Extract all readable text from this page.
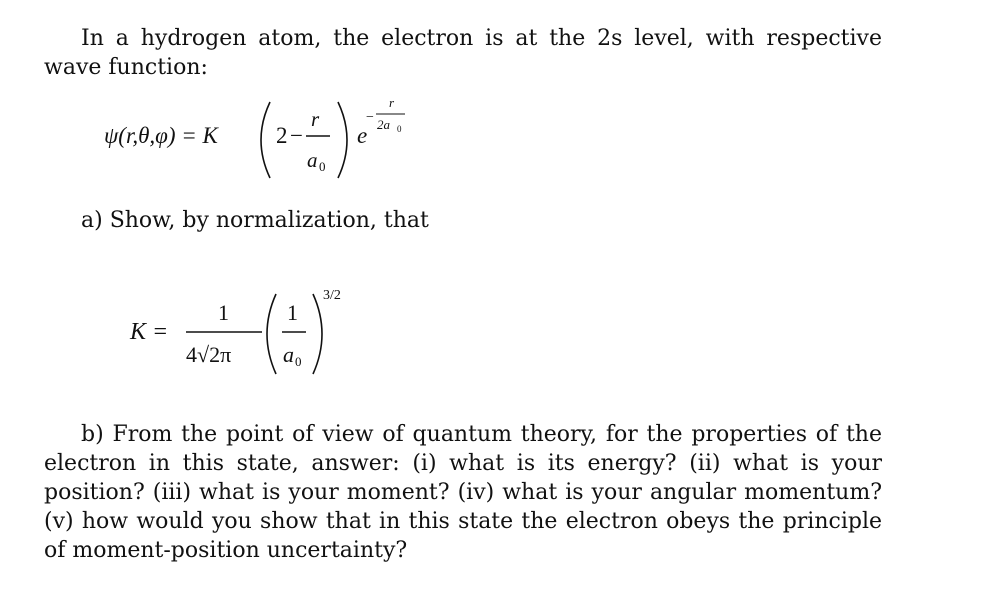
In a hydrogen atom, the electron is at the 2s level, with respective wave function:
ψ(r,θ,φ) = K	2 −
r
a 0
e
−
r
2a 0
a) Show, by normalization, that
K =
1
4√2π
1
a 0
3/2
b) From the point of view of quantum theory, for the properties of the electron in this state, answer: (i) what is its energy? (ii) what is your position? (iii) what is your moment? (iv) what is your angular momentum? (v) how would you show that in this state the electron obeys the principle of moment-position uncertainty?
